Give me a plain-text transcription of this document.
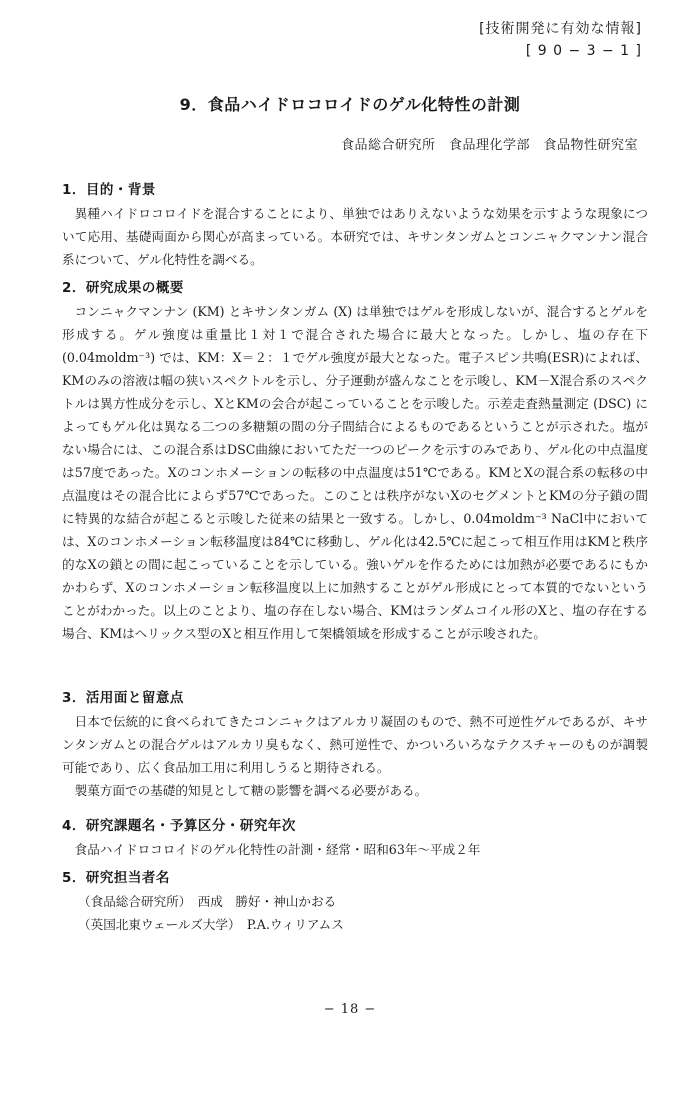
[技術開発に有効な情報]
[ 9 0 − 3 − 1 ]
9．食品ハイドロコロイドのゲル化特性の計測
食品総合研究所　食品理化学部　食品物性研究室
1．目的・背景

異種ハイドロコロイドを混合することにより、単独ではありえないような効果を示すような現象について応用、基礎両面から関心が高まっている。本研究では、キサンタンガムとコンニャクマンナン混合系について、ゲル化特性を調べる。

2．研究成果の概要

コンニャクマンナン (KM) とキサンタンガム (X) は単独ではゲルを形成しないが、混合するとゲルを形成する。ゲル強度は重量比１対１で混合された場合に最大となった。しかし、塩の存在下(0.04moldm⁻³) では、KM：X＝２：１でゲル強度が最大となった。電子スピン共鳴(ESR)によれば、KMのみの溶液は幅の狭いスペクトルを示し、分子運動が盛んなことを示唆し、KM－X混合系のスペクトルは異方性成分を示し、XとKMの会合が起こっていることを示唆した。示差走査熱量測定 (DSC) によってもゲル化は異なる二つの多糖類の間の分子間結合によるものであるということが示された。塩がない場合には、この混合系はDSC曲線においてただ一つのピークを示すのみであり、ゲル化の中点温度は57度であった。Xのコンホメーションの転移の中点温度は51℃である。KMとXの混合系の転移の中点温度はその混合比によらず57℃であった。このことは秩序がないXのセグメントとKMの分子鎖の間に特異的な結合が起こると示唆した従来の結果と一致する。しかし、0.04moldm⁻³ NaCl中においては、Xのコンホメーション転移温度は84℃に移動し、ゲル化は42.5℃に起こって相互作用はKMと秩序的なXの鎖との間に起こっていることを示している。強いゲルを作るためには加熱が必要であるにもかかわらず、Xのコンホメーション転移温度以上に加熱することがゲル形成にとって本質的でないということがわかった。以上のことより、塩の存在しない場合、KMはランダムコイル形のXと、塩の存在する場合、KMはヘリックス型のXと相互作用して架橋領域を形成することが示唆された。

3．活用面と留意点

日本で伝統的に食べられてきたコンニャクはアルカリ凝固のもので、熱不可逆性ゲルであるが、キサンタンガムとの混合ゲルはアルカリ臭もなく、熱可逆性で、かついろいろなテクスチャーのものが調製可能であり、広く食品加工用に利用しうると期待される。

製菓方面での基礎的知見として糖の影響を調べる必要がある。

4．研究課題名・予算区分・研究年次

食品ハイドロコロイドのゲル化特性の計測・経常・昭和63年〜平成２年

5．研究担当者名
（食品総合研究所）　西成　勝好・神山かおる
（英国北東ウェールズ大学）　P.A.ウィリアムス
− 18 −
